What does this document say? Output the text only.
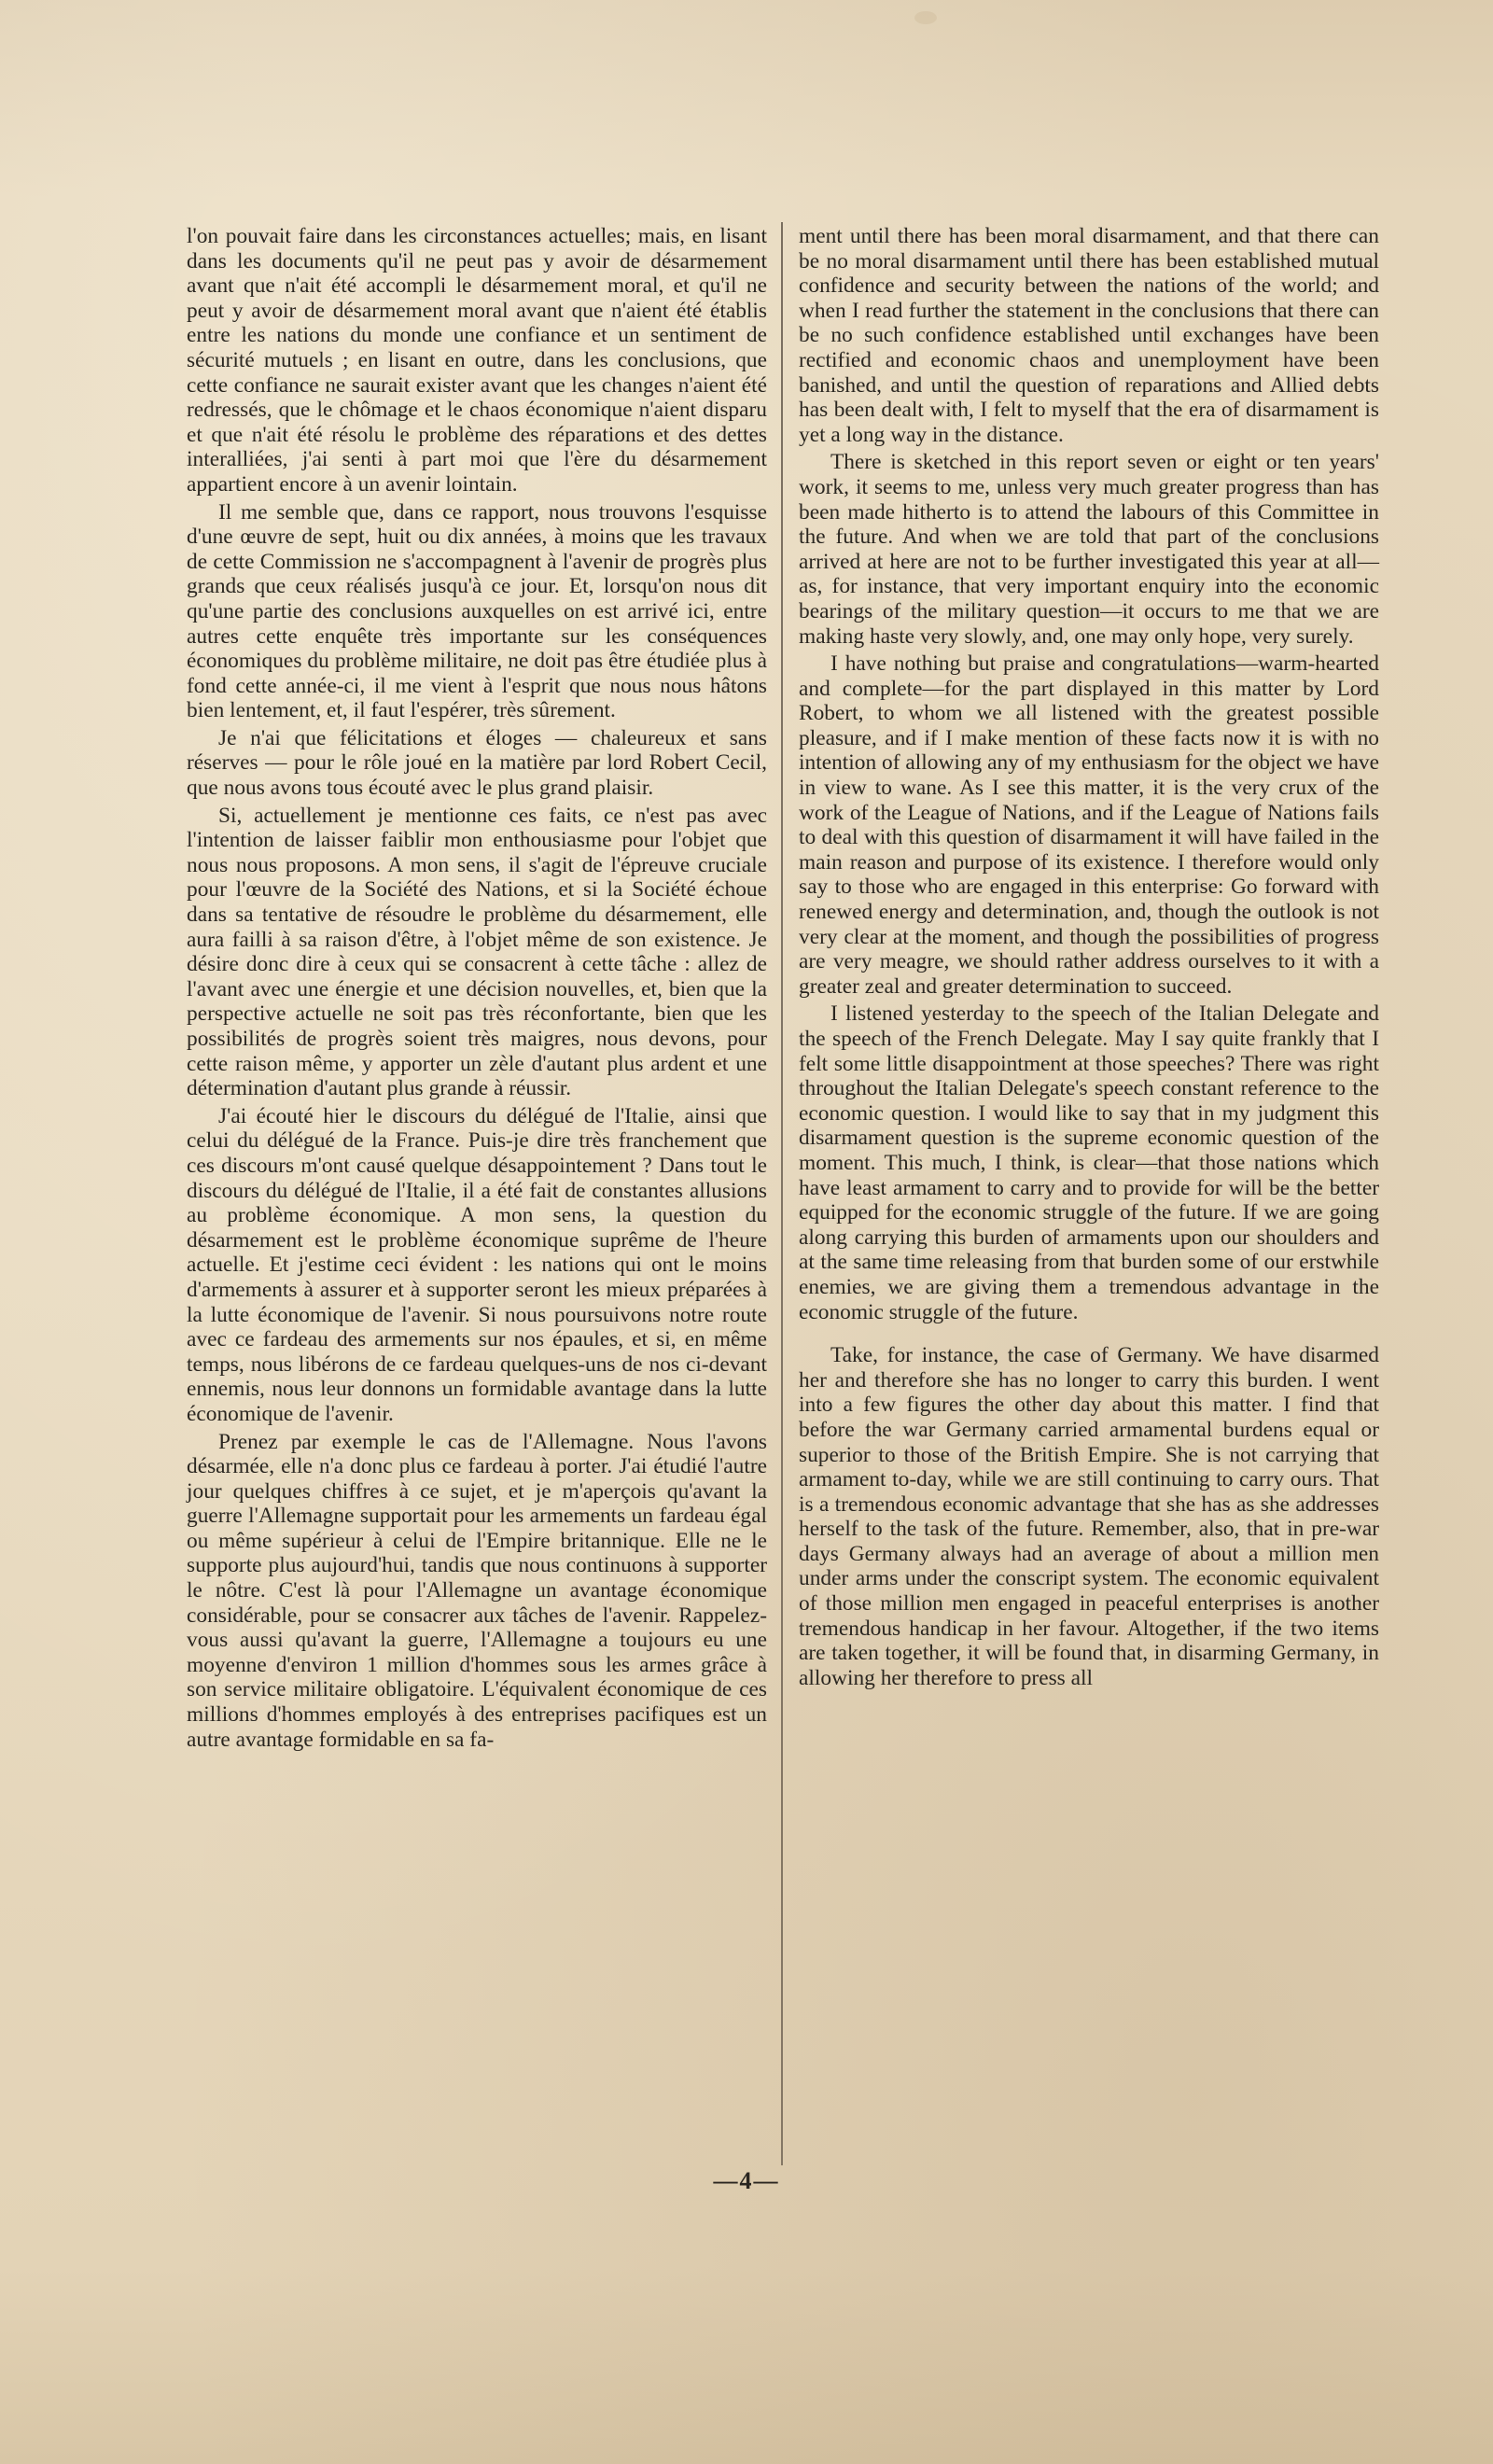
l'on pouvait faire dans les circonstances actuelles; mais, en lisant dans les documents qu'il ne peut pas y avoir de désarmement avant que n'ait été accompli le désarmement moral, et qu'il ne peut y avoir de désarmement moral avant que n'aient été établis entre les nations du monde une confiance et un sentiment de sécurité mutuels ; en lisant en outre, dans les conclusions, que cette confiance ne saurait exister avant que les changes n'aient été redressés, que le chômage et le chaos économique n'aient disparu et que n'ait été résolu le problème des réparations et des dettes interalliées, j'ai senti à part moi que l'ère du désarmement appartient encore à un avenir lointain.

Il me semble que, dans ce rapport, nous trouvons l'esquisse d'une œuvre de sept, huit ou dix années, à moins que les travaux de cette Commission ne s'accompagnent à l'avenir de progrès plus grands que ceux réalisés jusqu'à ce jour. Et, lorsqu'on nous dit qu'une partie des conclusions auxquelles on est arrivé ici, entre autres cette enquête très importante sur les conséquences économiques du problème militaire, ne doit pas être étudiée plus à fond cette année-ci, il me vient à l'esprit que nous nous hâtons bien lentement, et, il faut l'espérer, très sûrement.

Je n'ai que félicitations et éloges — chaleureux et sans réserves — pour le rôle joué en la matière par lord Robert Cecil, que nous avons tous écouté avec le plus grand plaisir.

Si, actuellement je mentionne ces faits, ce n'est pas avec l'intention de laisser faiblir mon enthousiasme pour l'objet que nous nous proposons. A mon sens, il s'agit de l'épreuve cruciale pour l'œuvre de la Société des Nations, et si la Société échoue dans sa tentative de résoudre le problème du désarmement, elle aura failli à sa raison d'être, à l'objet même de son existence. Je désire donc dire à ceux qui se consacrent à cette tâche : allez de l'avant avec une énergie et une décision nouvelles, et, bien que la perspective actuelle ne soit pas très réconfortante, bien que les possibilités de progrès soient très maigres, nous devons, pour cette raison même, y apporter un zèle d'autant plus ardent et une détermination d'autant plus grande à réussir.

J'ai écouté hier le discours du délégué de l'Italie, ainsi que celui du délégué de la France. Puis-je dire très franchement que ces discours m'ont causé quelque désappointement ? Dans tout le discours du délégué de l'Italie, il a été fait de constantes allusions au problème économique. A mon sens, la question du désarmement est le problème économique suprême de l'heure actuelle. Et j'estime ceci évident : les nations qui ont le moins d'armements à assurer et à supporter seront les mieux préparées à la lutte économique de l'avenir. Si nous poursuivons notre route avec ce fardeau des armements sur nos épaules, et si, en même temps, nous libérons de ce fardeau quelques-uns de nos ci-devant ennemis, nous leur donnons un formidable avantage dans la lutte économique de l'avenir.

Prenez par exemple le cas de l'Allemagne. Nous l'avons désarmée, elle n'a donc plus ce fardeau à porter. J'ai étudié l'autre jour quelques chiffres à ce sujet, et je m'aperçois qu'avant la guerre l'Allemagne supportait pour les armements un fardeau égal ou même supérieur à celui de l'Empire britannique. Elle ne le supporte plus aujourd'hui, tandis que nous continuons à supporter le nôtre. C'est là pour l'Allemagne un avantage économique considérable, pour se consacrer aux tâches de l'avenir. Rappelez-vous aussi qu'avant la guerre, l'Allemagne a toujours eu une moyenne d'environ 1 million d'hommes sous les armes grâce à son service militaire obligatoire. L'équivalent économique de ces millions d'hommes employés à des entreprises pacifiques est un autre avantage formidable en sa fa-

ment until there has been moral disarmament, and that there can be no moral disarmament until there has been established mutual confidence and security between the nations of the world; and when I read further the statement in the conclusions that there can be no such confidence established until exchanges have been rectified and economic chaos and unemployment have been banished, and until the question of reparations and Allied debts has been dealt with, I felt to myself that the era of disarmament is yet a long way in the distance.

There is sketched in this report seven or eight or ten years' work, it seems to me, unless very much greater progress than has been made hitherto is to attend the labours of this Committee in the future. And when we are told that part of the conclusions arrived at here are not to be further investigated this year at all—as, for instance, that very important enquiry into the economic bearings of the military question—it occurs to me that we are making haste very slowly, and, one may only hope, very surely.

I have nothing but praise and congratulations—warm-hearted and complete—for the part displayed in this matter by Lord Robert, to whom we all listened with the greatest possible pleasure, and if I make mention of these facts now it is with no intention of allowing any of my enthusiasm for the object we have in view to wane. As I see this matter, it is the very crux of the work of the League of Nations, and if the League of Nations fails to deal with this question of disarmament it will have failed in the main reason and purpose of its existence. I therefore would only say to those who are engaged in this enterprise: Go forward with renewed energy and determination, and, though the outlook is not very clear at the moment, and though the possibilities of progress are very meagre, we should rather address ourselves to it with a greater zeal and greater determination to succeed.

I listened yesterday to the speech of the Italian Delegate and the speech of the French Delegate. May I say quite frankly that I felt some little disappointment at those speeches? There was right throughout the Italian Delegate's speech constant reference to the economic question. I would like to say that in my judgment this disarmament question is the supreme economic question of the moment. This much, I think, is clear—that those nations which have least armament to carry and to provide for will be the better equipped for the economic struggle of the future. If we are going along carrying this burden of armaments upon our shoulders and at the same time releasing from that burden some of our erstwhile enemies, we are giving them a tremendous advantage in the economic struggle of the future.

Take, for instance, the case of Germany. We have disarmed her and therefore she has no longer to carry this burden. I went into a few figures the other day about this matter. I find that before the war Germany carried armamental burdens equal or superior to those of the British Empire. She is not carrying that armament to-day, while we are still continuing to carry ours. That is a tremendous economic advantage that she has as she addresses herself to the task of the future. Remember, also, that in pre-war days Germany always had an average of about a million men under arms under the conscript system. The economic equivalent of those million men engaged in peaceful enterprises is another tremendous handicap in her favour. Altogether, if the two items are taken together, it will be found that, in disarming Germany, in allowing her therefore to press all

—4—
